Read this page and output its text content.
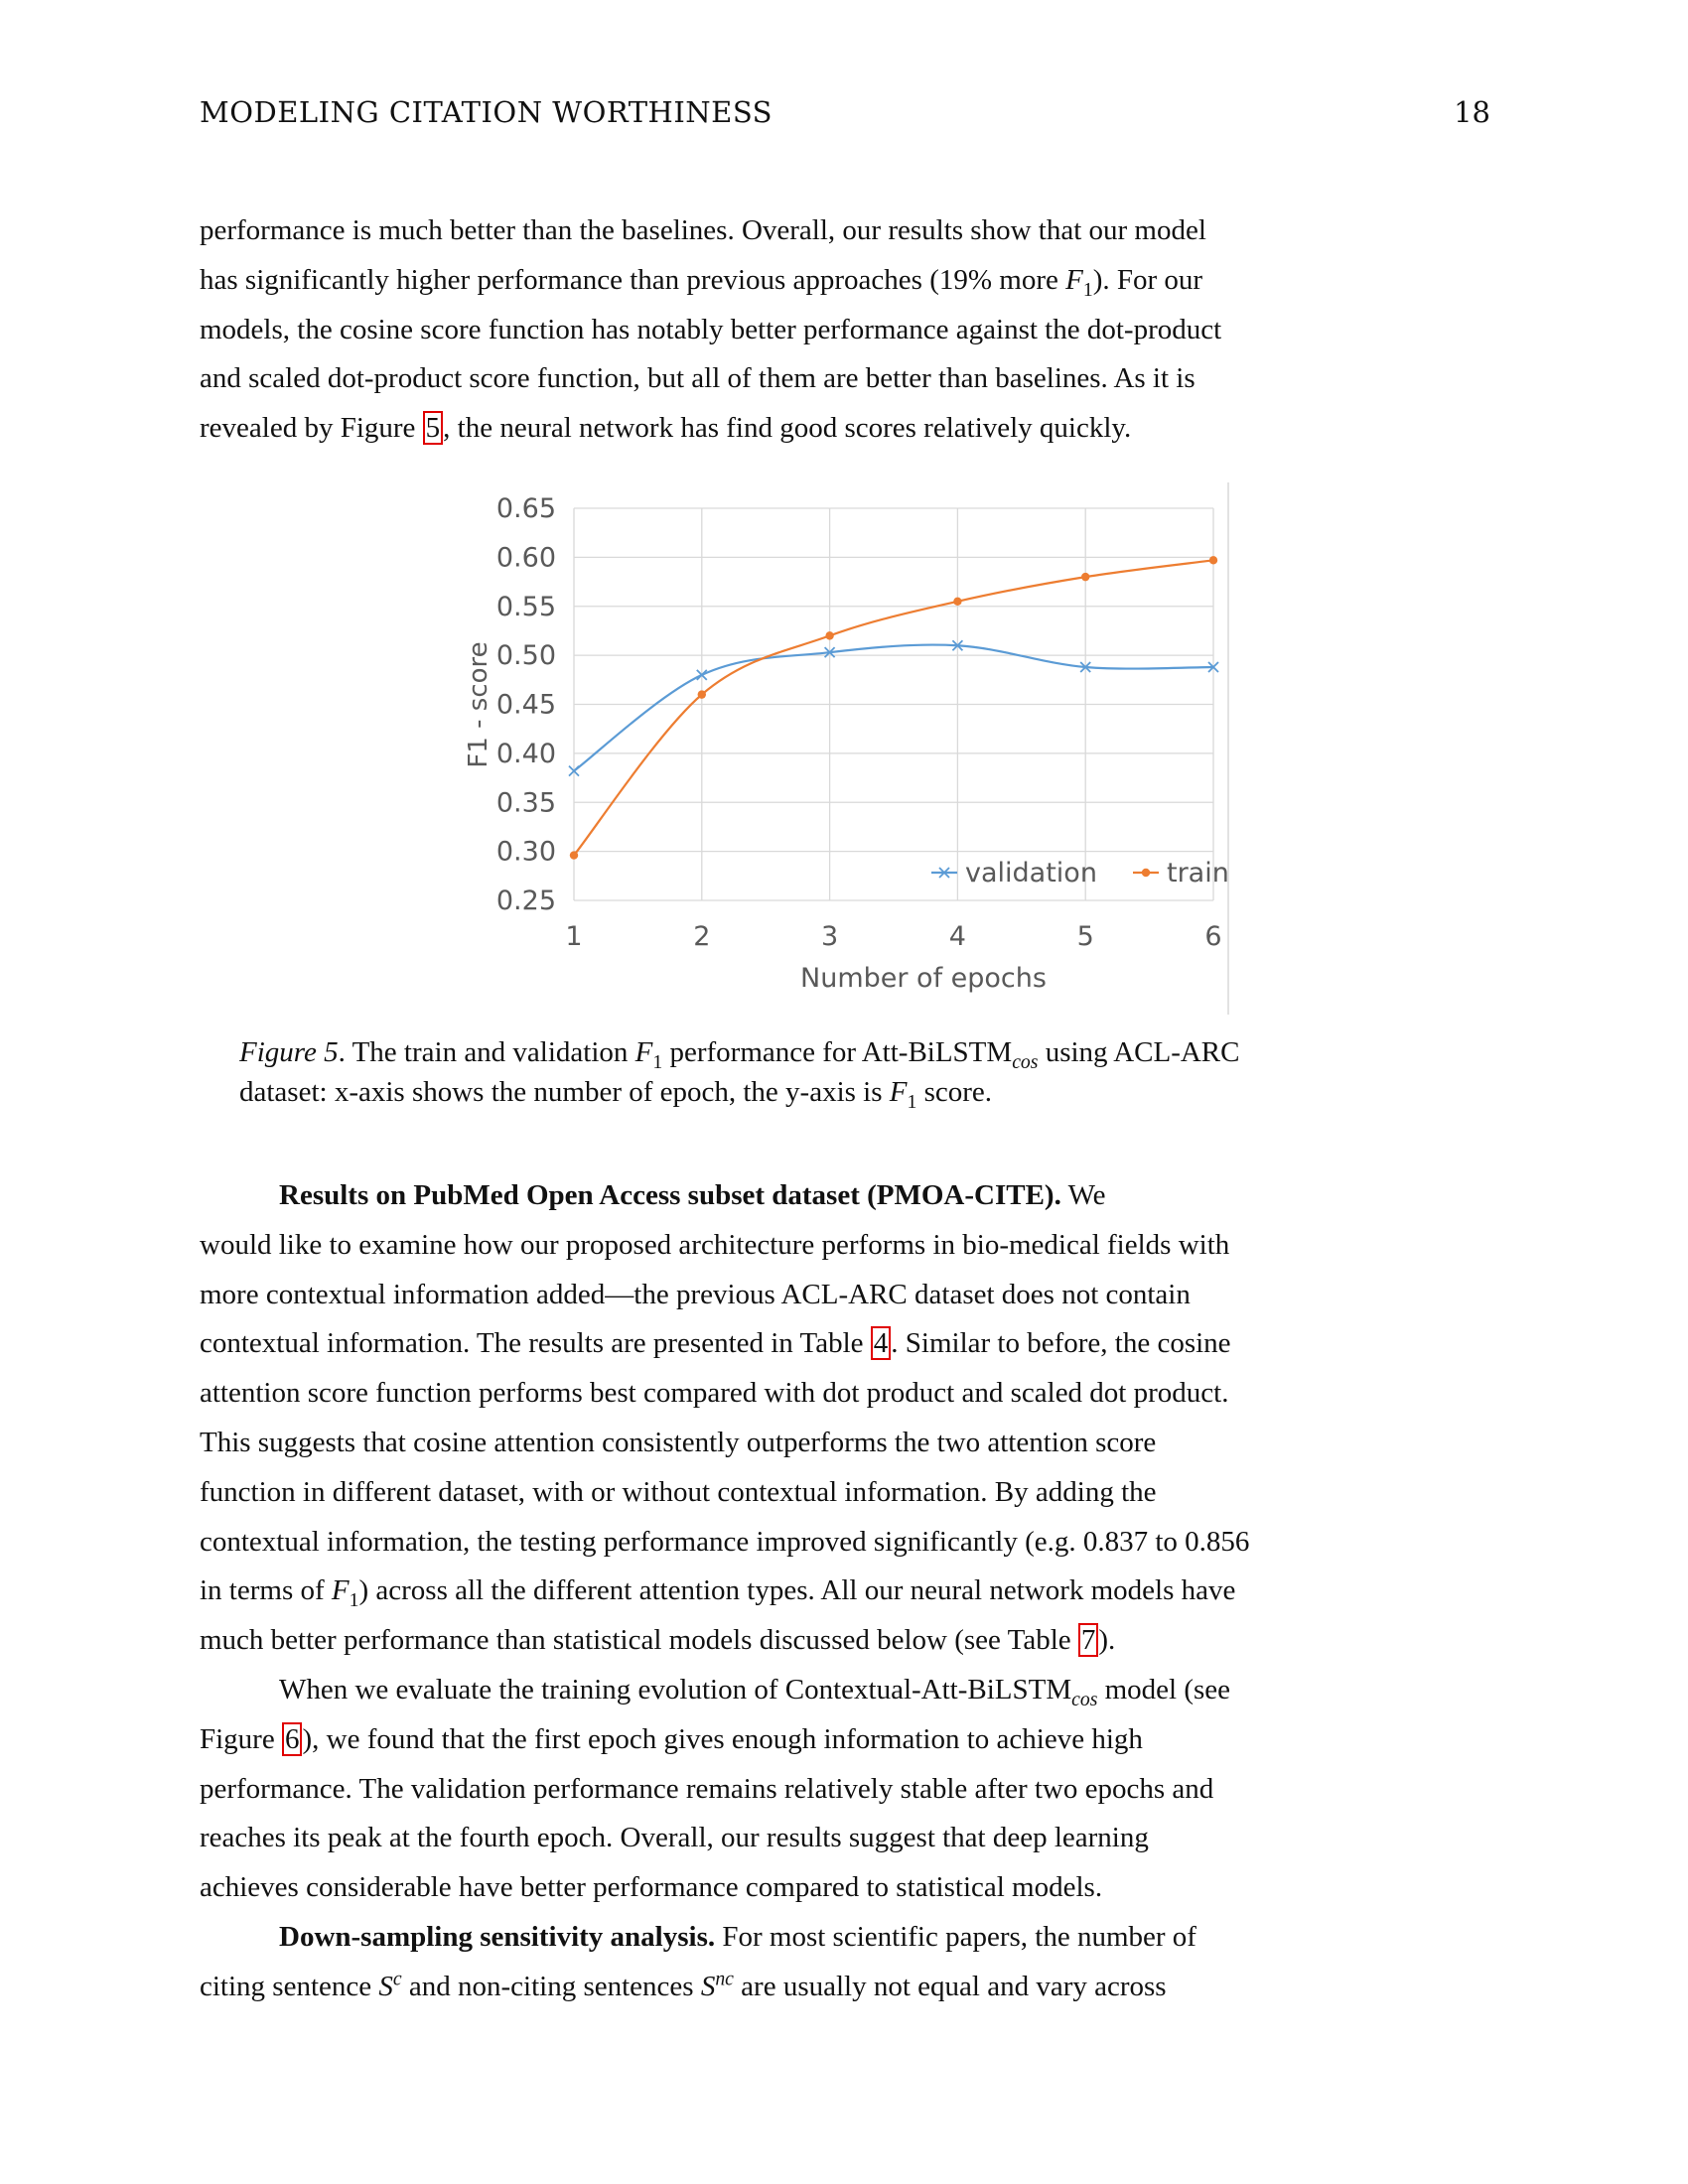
MODELING CITATION WORTHINESS	18
performance is much better than the baselines. Overall, our results show that our model
has significantly higher performance than previous approaches (19% more $F_1$). For our
models, the cosine score function has notably better performance against the dot-product
and scaled dot-product score function, but all of them are better than baselines. As it is
revealed by Figure 5 , the neural network has find good scores relatively quickly.
0.65
0.60
0.55
0.50
0.45
0.40
0.35
0.30
0.25
1	2	3	4	5	6
F1 - score
Number of epochs
validation	train
Figure 5. The train and validation $F_1$ performance for Att-BiLSTM$_{cos}$ using ACL-ARC
dataset: x-axis shows the number of epoch, the y-axis is $F_1$ score.
Results on PubMed Open Access subset dataset (PMOA-CITE). We
would like to examine how our proposed architecture performs in bio-medical fields with
more contextual information added—the previous ACL-ARC dataset does not contain
contextual information. The results are presented in Table 4 . Similar to before, the cosine
attention score function performs best compared with dot product and scaled dot product.
This suggests that cosine attention consistently outperforms the two attention score
function in different dataset, with or without contextual information. By adding the
contextual information, the testing performance improved significantly (e.g. 0.837 to 0.856
in terms of $F_1$) across all the different attention types. All our neural network models have
much better performance than statistical models discussed below (see Table 7 ).
When we evaluate the training evolution of Contextual-Att-BiLSTM$_{cos}$ model (see
Figure 6 ), we found that the first epoch gives enough information to achieve high
performance. The validation performance remains relatively stable after two epochs and
reaches its peak at the fourth epoch. Overall, our results suggest that deep learning
achieves considerable have better performance compared to statistical models.
Down-sampling sensitivity analysis. For most scientific papers, the number of
citing sentence $S^c$ and non-citing sentences $S^{nc}$ are usually not equal and vary across
